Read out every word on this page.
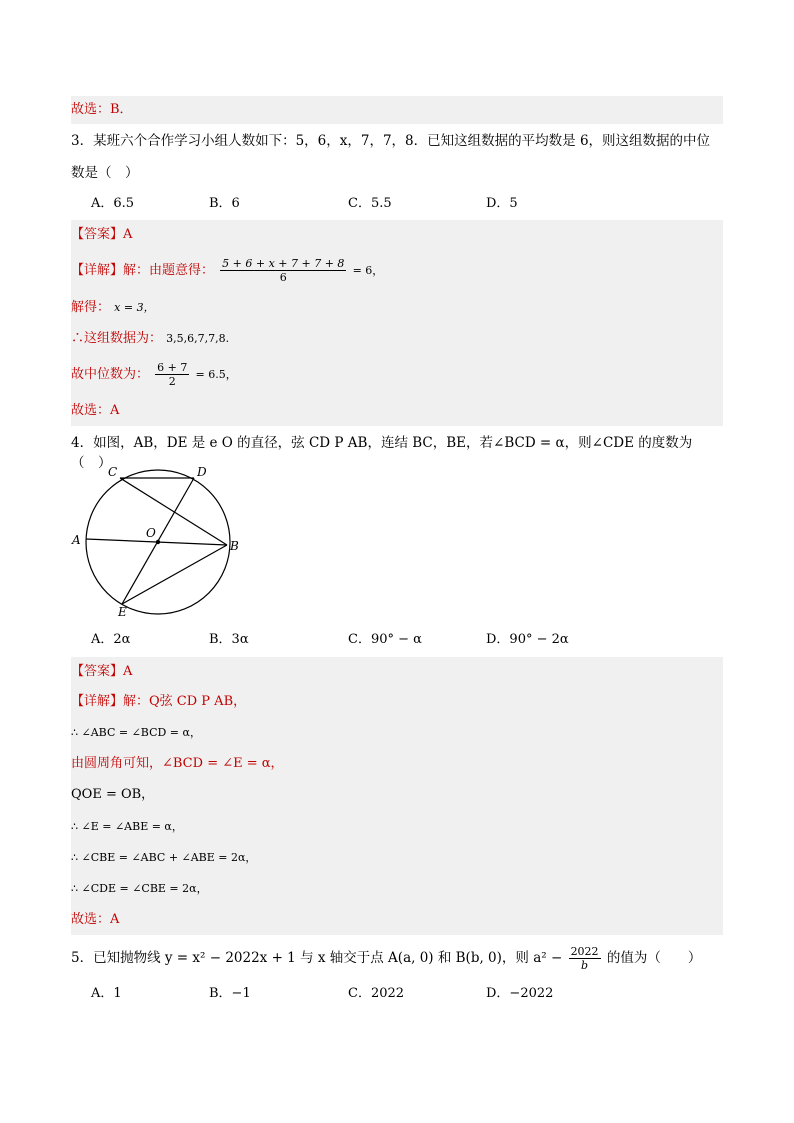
故选：B．
3．某班六个合作学习小组人数如下：5，6，x，7，7，8．已知这组数据的平均数是 6，则这组数据的中位
数是（　）
A．6.5	B．6	C．5.5	D．5
【答案】A
【详解】解：由题意得： $\frac{5 + 6 + x + 7 + 7 + 8}{6} = 6$，
解得： x = 3，
∴这组数据为： 3,5,6,7,7,8.
故中位数为： $\frac{6 + 7}{2} = 6.5$，
故选：A
4．如图，AB，DE 是 e O 的直径，弦 CD P AB，连结 BC，BE，若∠BCD = α，则∠CDE 的度数为（　）
C	D
A	O
B
E
A．2α	B．3α	C．90° − α	D．90° − 2α
【答案】A
【详解】解：Q弦 CD P AB，
∴ ∠ABC = ∠BCD = α，
由圆周角可知，∠BCD = ∠E = α，
QOE = OB，
∴ ∠E = ∠ABE = α，
∴ ∠CBE = ∠ABC + ∠ABE = 2α，
∴ ∠CDE = ∠CBE = 2α，
故选：A
5．已知抛物线 y = x² − 2022x + 1 与 x 轴交于点 A(a, 0) 和 B(b, 0)，则 $a^2 - \frac{2022}{b}$ 的值为（　　）
A．1	B．−1	C．2022	D．−2022
